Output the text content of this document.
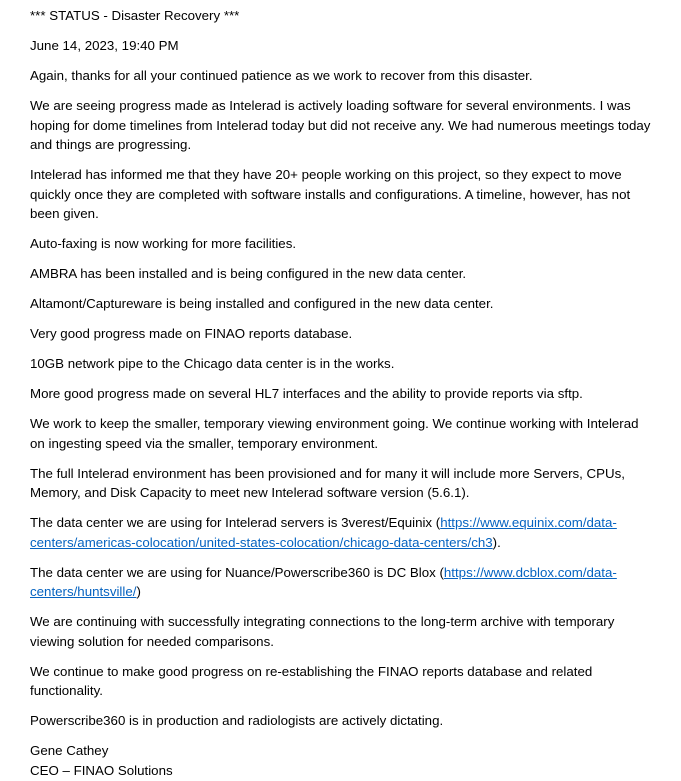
*** STATUS - Disaster Recovery ***

June 14, 2023, 19:40 PM

Again, thanks for all your continued patience as we work to recover from this disaster.

We are seeing progress made as Intelerad is actively loading software for several environments. I was hoping for dome timelines from Intelerad today but did not receive any. We had numerous meetings today and things are progressing.

Intelerad has informed me that they have 20+ people working on this project, so they expect to move quickly once they are completed with software installs and configurations. A timeline, however, has not been given.

Auto-faxing is now working for more facilities.

AMBRA has been installed and is being configured in the new data center.

Altamont/Captureware is being installed and configured in the new data center.

Very good progress made on FINAO reports database.

10GB network pipe to the Chicago data center is in the works.

More good progress made on several HL7 interfaces and the ability to provide reports via sftp.

We work to keep the smaller, temporary viewing environment going. We continue working with Intelerad on ingesting speed via the smaller, temporary environment.

The full Intelerad environment has been provisioned and for many it will include more Servers, CPUs, Memory, and Disk Capacity to meet new Intelerad software version (5.6.1).

The data center we are using for Intelerad servers is 3verest/Equinix (https://www.equinix.com/data-centers/americas-colocation/united-states-colocation/chicago-data-centers/ch3).

The data center we are using for Nuance/Powerscribe360 is DC Blox (https://www.dcblox.com/data-centers/huntsville/)

We are continuing with successfully integrating connections to the long-term archive with temporary viewing solution for needed comparisons.

We continue to make good progress on re-establishing the FINAO reports database and related functionality.

Powerscribe360 is in production and radiologists are actively dictating.

Gene Cathey

CEO – FINAO Solutions
